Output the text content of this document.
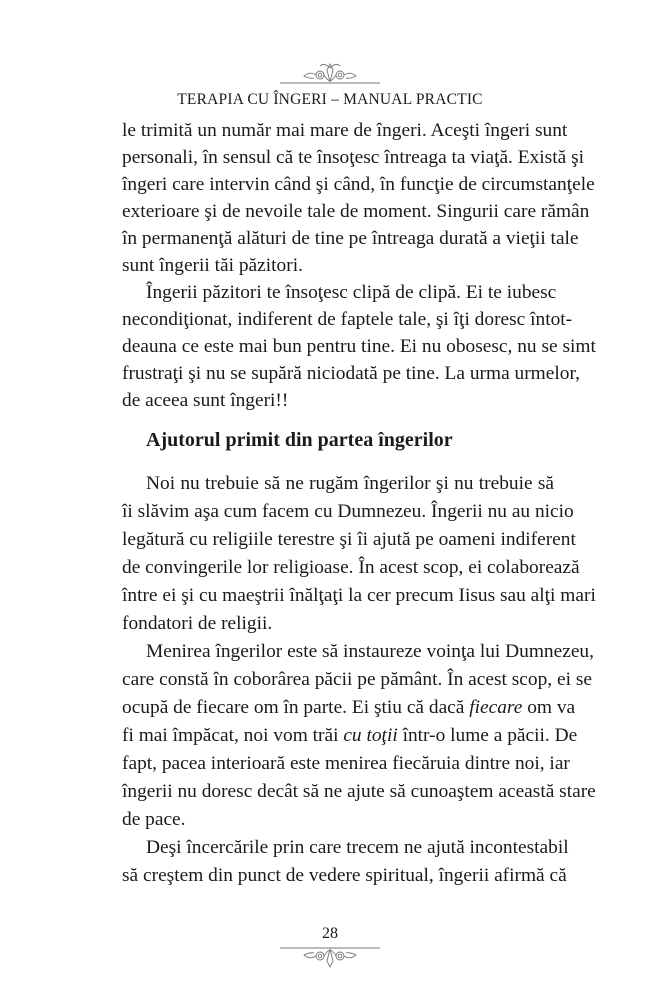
TERAPIA CU ÎNGERI – MANUAL PRACTIC
le trimită un număr mai mare de îngeri. Aceşti îngeri sunt
personali, în sensul că te însoţesc întreaga ta viaţă. Există şi
îngeri care intervin când şi când, în funcţie de circumstanţele
exterioare şi de nevoile tale de moment. Singurii care rămân
în permanenţă alături de tine pe întreaga durată a vieţii tale
sunt îngerii tăi păzitori.
Îngerii păzitori te însoţesc clipă de clipă. Ei te iubesc
necondiţionat, indiferent de faptele tale, şi îţi doresc întot-
deauna ce este mai bun pentru tine. Ei nu obosesc, nu se simt
frustraţi şi nu se supără niciodată pe tine. La urma urmelor,
de aceea sunt îngeri!!
Ajutorul primit din partea îngerilor
Noi nu trebuie să ne rugăm îngerilor şi nu trebuie să
îi slăvim aşa cum facem cu Dumnezeu. Îngerii nu au nicio
legătură cu religiile terestre şi îi ajută pe oameni indiferent
de convingerile lor religioase. În acest scop, ei colaborează
între ei şi cu maeştrii înălţaţi la cer precum Iisus sau alţi mari
fondatori de religii.
Menirea îngerilor este să instaureze voinţa lui Dumnezeu,
care constă în coborârea păcii pe pământ. În acest scop, ei se
ocupă de fiecare om în parte. Ei ştiu că dacă fiecare om va
fi mai împăcat, noi vom trăi cu toţii într-o lume a păcii. De
fapt, pacea interioară este menirea fiecăruia dintre noi, iar
îngerii nu doresc decât să ne ajute să cunoaştem această stare
de pace.
Deşi încercările prin care trecem ne ajută incontestabil
să creştem din punct de vedere spiritual, îngerii afirmă că
28
